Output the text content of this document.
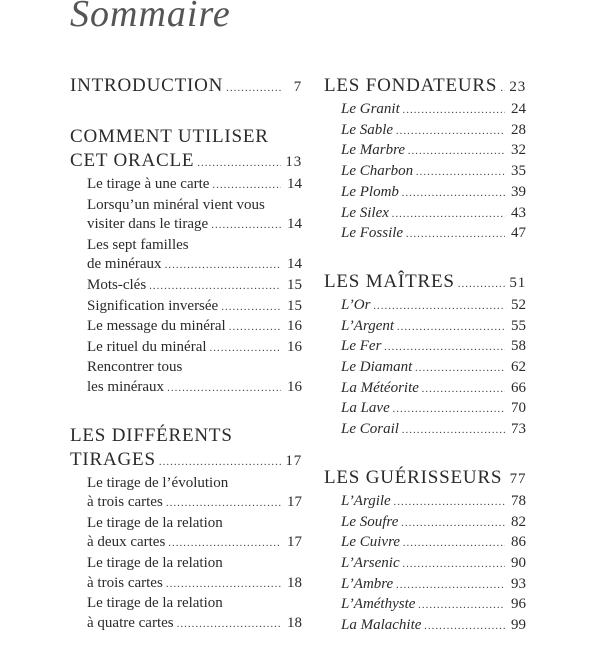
Sommaire
INTRODUCTION .....	7
COMMENT UTILISER
CET ORACLE .....	13
Le tirage à une carte .....	14
Lorsqu’un minéral vient vous
visiter dans le tirage .....	14
Les sept familles
de minéraux .....	14
Mots-clés .....	15
Signification inversée .....	15
Le message du minéral .....	16
Le rituel du minéral .....	16
Rencontrer tous
les minéraux .....	16
LES DIFFÉRENTS
TIRAGES .....	17
Le tirage de l’évolution
à trois cartes .....	17
Le tirage de la relation
à deux cartes .....	17
Le tirage de la relation
à trois cartes .....	18
Le tirage de la relation
à quatre cartes .....	18
LES FONDATEURS ..... 23
Le Granit .....	24
Le Sable .....	28
Le Marbre .....	32
Le Charbon .....	35
Le Plomb .....	39
Le Silex .....	43
Le Fossile .....	47
LES MAÎTRES .....	51
L’Or .....	52
L’Argent .....	55
Le Fer .....	58
Le Diamant .....	62
La Météorite .....	66
La Lave .....	70
Le Corail .....	73
LES GUÉRISSEURS 77
L’Argile .....	78
Le Soufre .....	82
Le Cuivre .....	86
L’Arsenic .....	90
L’Ambre .....	93
L’Améthyste .....	96
La Malachite .....	99
